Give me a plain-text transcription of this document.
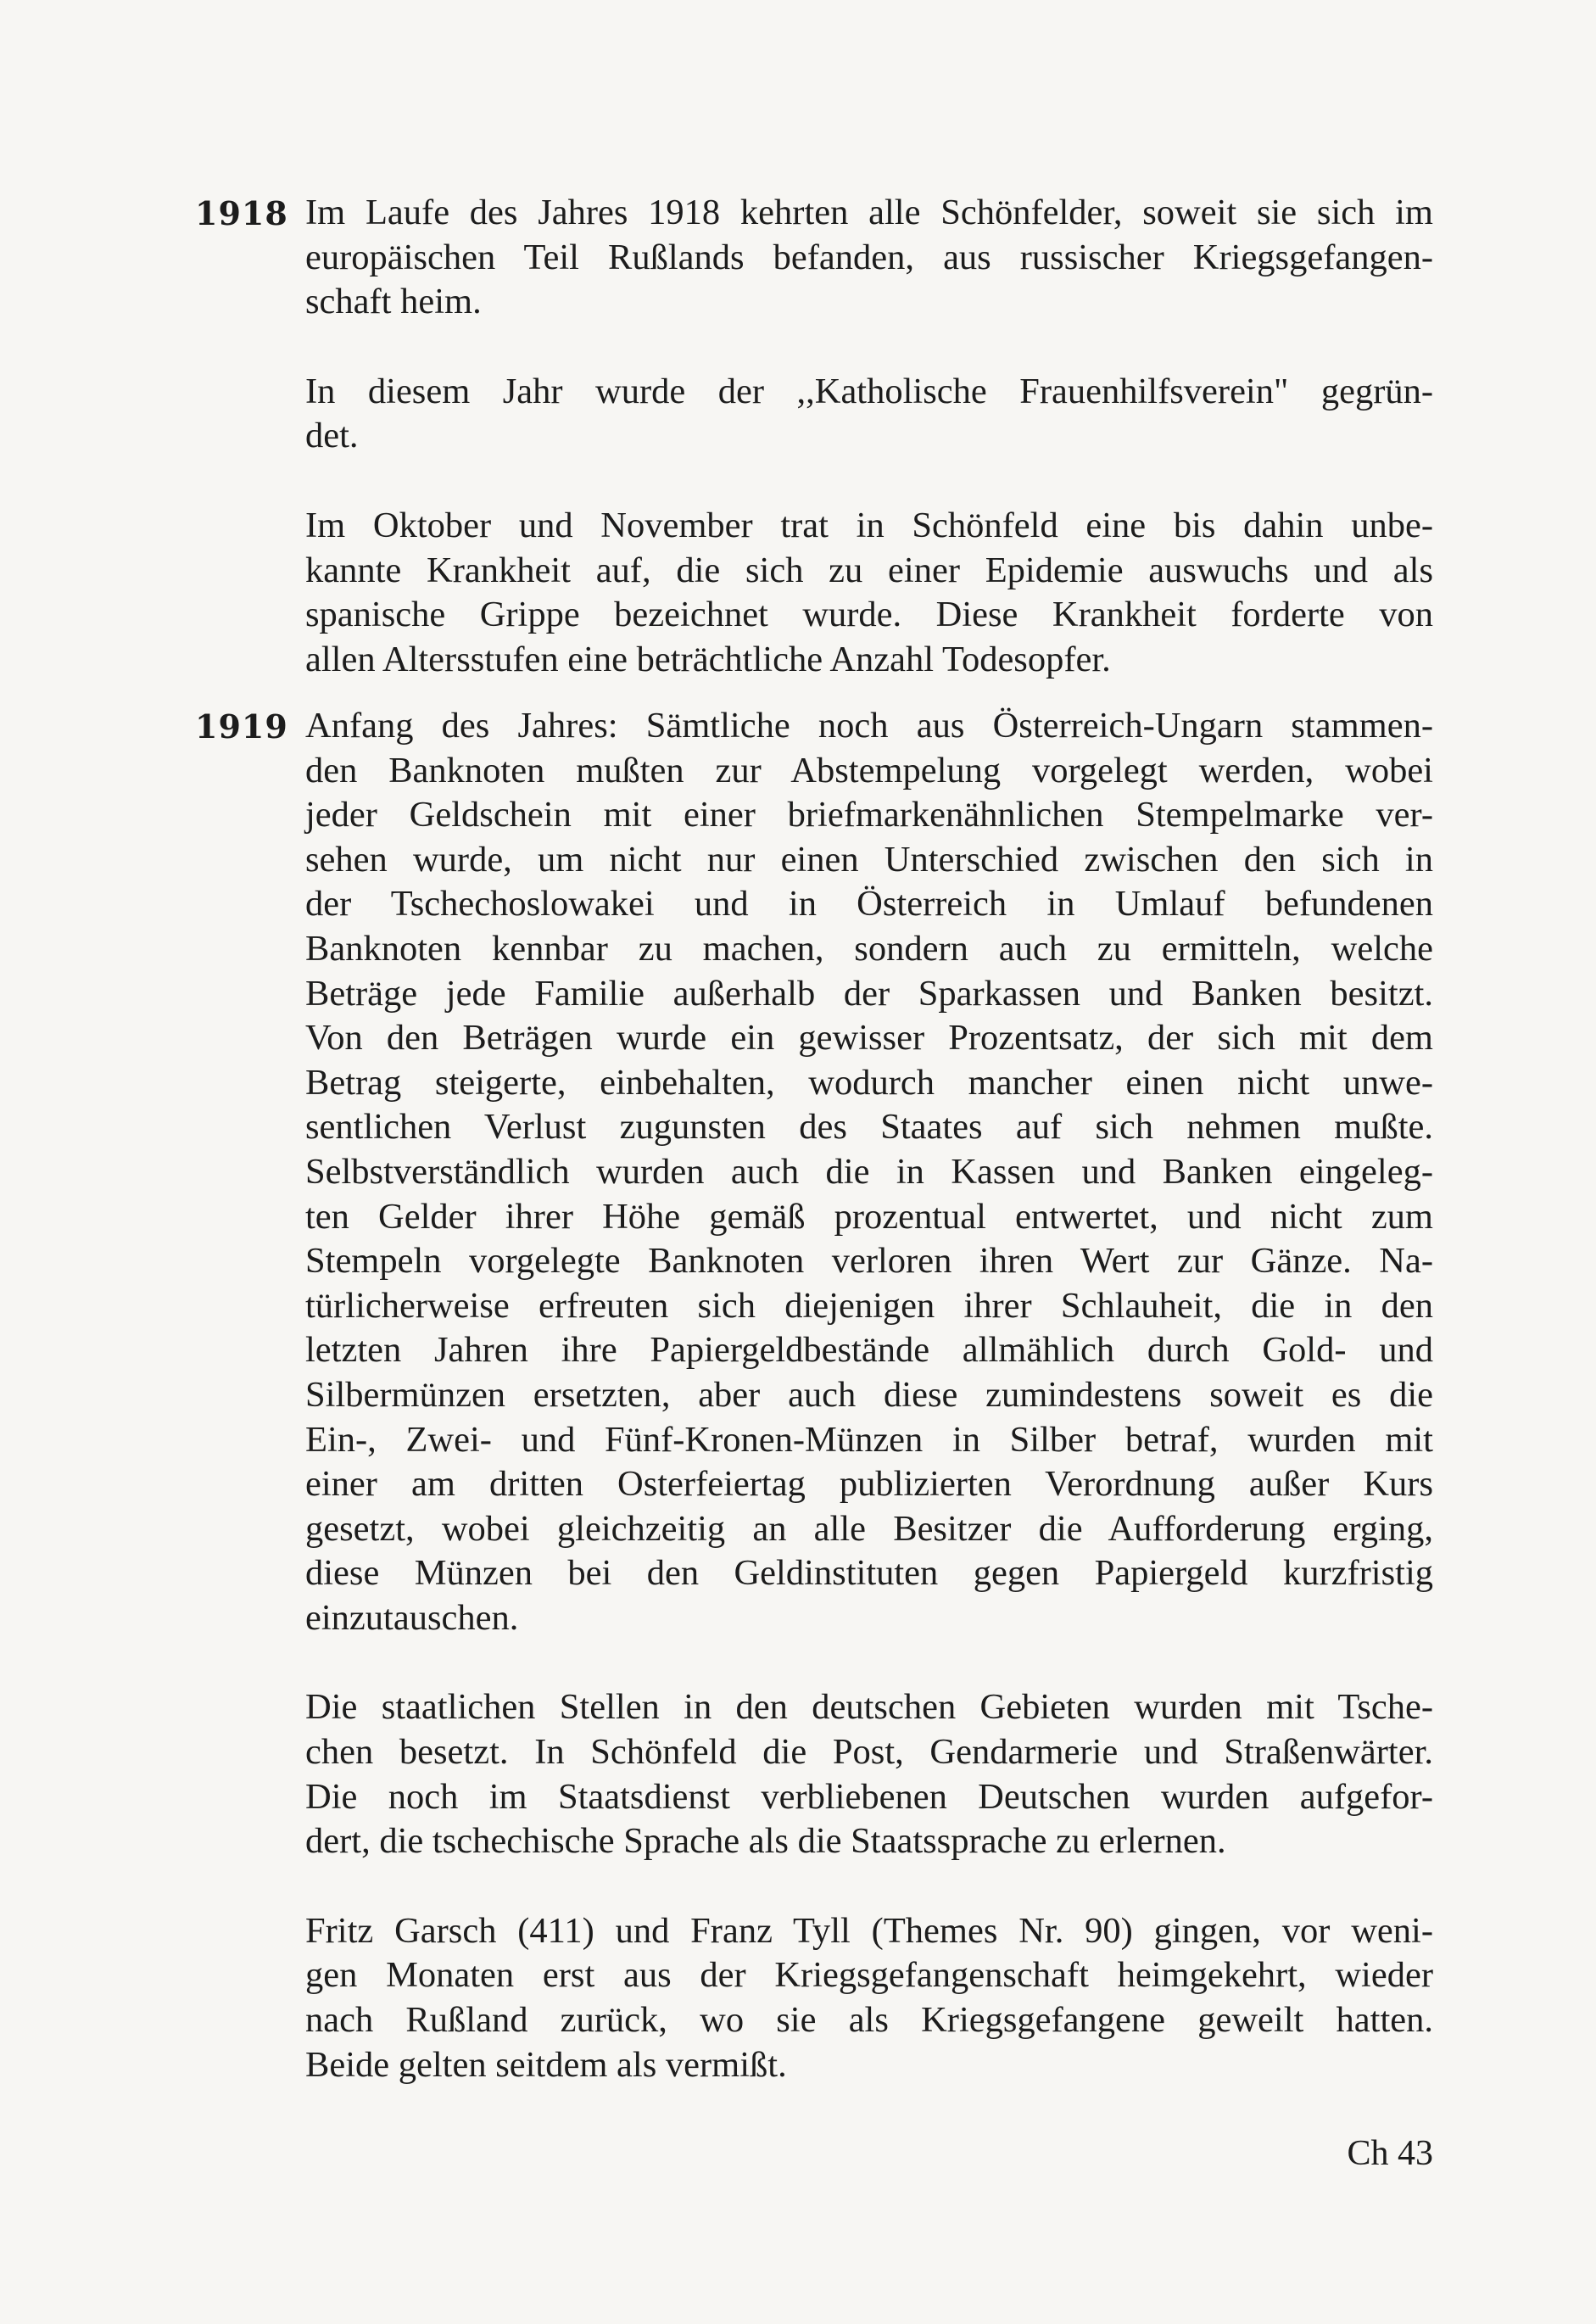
1918 Im Laufe des Jahres 1918 kehrten alle Schönfelder, soweit sie sich im
europäischen Teil Rußlands befanden, aus russischer Kriegsgefangen-
schaft heim.
In diesem Jahr wurde der ,,Katholische Frauenhilfsverein" gegrün-
det.
Im Oktober und November trat in Schönfeld eine bis dahin unbe-
kannte Krankheit auf, die sich zu einer Epidemie auswuchs und als
spanische Grippe bezeichnet wurde. Diese Krankheit forderte von
allen Altersstufen eine beträchtliche Anzahl Todesopfer.
1919 Anfang des Jahres: Sämtliche noch aus Österreich-Ungarn stammen-
den Banknoten mußten zur Abstempelung vorgelegt werden, wobei
jeder Geldschein mit einer briefmarkenähnlichen Stempelmarke ver-
sehen wurde, um nicht nur einen Unterschied zwischen den sich in
der Tschechoslowakei und in Österreich in Umlauf befundenen
Banknoten kennbar zu machen, sondern auch zu ermitteln, welche
Beträge jede Familie außerhalb der Sparkassen und Banken besitzt.
Von den Beträgen wurde ein gewisser Prozentsatz, der sich mit dem
Betrag steigerte, einbehalten, wodurch mancher einen nicht unwe-
sentlichen Verlust zugunsten des Staates auf sich nehmen mußte.
Selbstverständlich wurden auch die in Kassen und Banken eingeleg-
ten Gelder ihrer Höhe gemäß prozentual entwertet, und nicht zum
Stempeln vorgelegte Banknoten verloren ihren Wert zur Gänze. Na-
türlicherweise erfreuten sich diejenigen ihrer Schlauheit, die in den
letzten Jahren ihre Papiergeldbestände allmählich durch Gold- und
Silbermünzen ersetzten, aber auch diese zumindestens soweit es die
Ein-, Zwei- und Fünf-Kronen-Münzen in Silber betraf, wurden mit
einer am dritten Osterfeiertag publizierten Verordnung außer Kurs
gesetzt, wobei gleichzeitig an alle Besitzer die Aufforderung erging,
diese Münzen bei den Geldinstituten gegen Papiergeld kurzfristig
einzutauschen.
Die staatlichen Stellen in den deutschen Gebieten wurden mit Tsche-
chen besetzt. In Schönfeld die Post, Gendarmerie und Straßenwärter.
Die noch im Staatsdienst verbliebenen Deutschen wurden aufgefor-
dert, die tschechische Sprache als die Staatssprache zu erlernen.
Fritz Garsch (411) und Franz Tyll (Themes Nr. 90) gingen, vor weni-
gen Monaten erst aus der Kriegsgefangenschaft heimgekehrt, wieder
nach Rußland zurück, wo sie als Kriegsgefangene geweilt hatten.
Beide gelten seitdem als vermißt.
Ch 43
